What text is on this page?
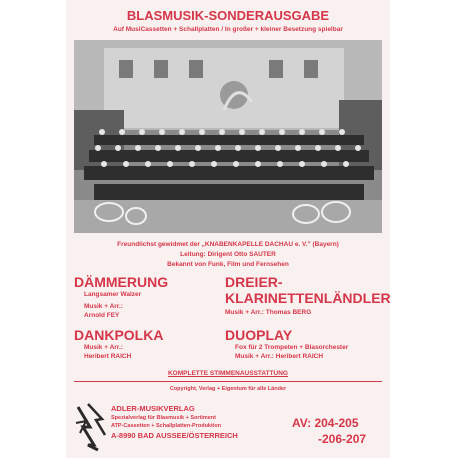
BLASMUSIK-SONDERAUSGABE
Auf MusiCassetten + Schallplatten / In großer + kleiner Besetzung spielbar
Freundlichst gewidmet der „KNABENKAPELLE DACHAU e. V." (Bayern)
Leitung: Dirigent Otto SAUTER
Bekannt von Funk, Film und Fernsehen
DÄMMERUNG
Langsamer Walzer
Musik + Arr.:
Arnold FEY
DREIER-
KLARINETTENLÄNDLER
Musik + Arr.: Thomas BERG
DANKPOLKA
Musik + Arr.:
Heribert RAICH
DUOPLAY
Fox für 2 Trompeten + Blasorchester
Musik + Arr.: Heribert RAICH
KOMPLETTE STIMMENAUSSTATTUNG
Copyright, Verlag + Eigentum für alle Länder
ADLER-MUSIKVERLAG
Spezialverlag für Blasmusik + Sortiment
ATP-Cassetten + Schallplatten-Produktion
A-8990 BAD AUSSEE/ÖSTERREICH
AV: 204-205
-206-207
